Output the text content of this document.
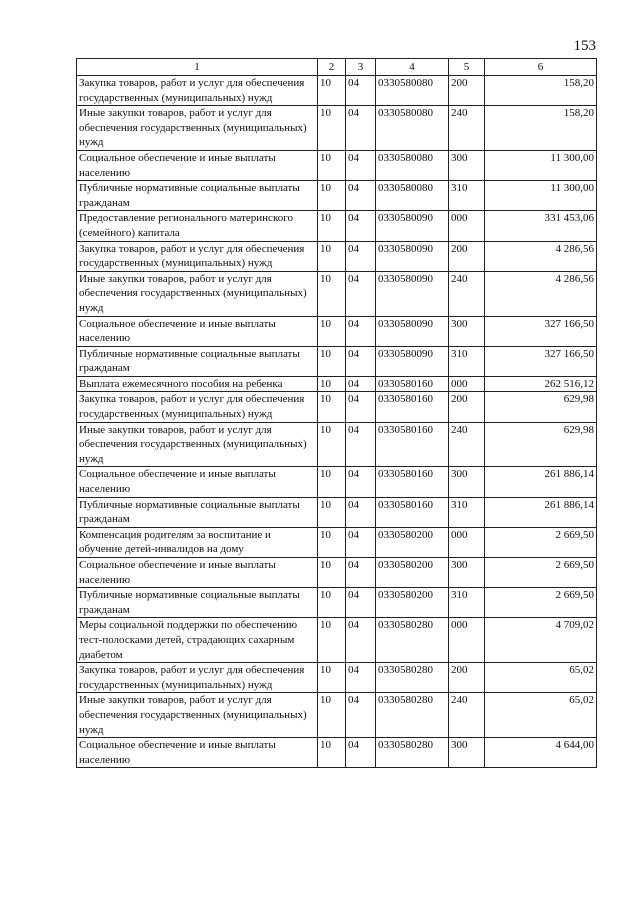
153
1	2	3	4	5	6
Закупка товаров, работ и услуг для обеспечения государственных (муниципальных) нужд	10	04	0330580080	200	158,20
Иные закупки товаров, работ и услуг для обеспечения государственных (муниципальных) нужд	10	04	0330580080	240	158,20
Социальное обеспечение и иные выплаты населению	10	04	0330580080	300	11 300,00
Публичные нормативные социальные выплаты гражданам	10	04	0330580080	310	11 300,00
Предоставление регионального материнского (семейного) капитала	10	04	0330580090	000	331 453,06
Закупка товаров, работ и услуг для обеспечения государственных (муниципальных) нужд	10	04	0330580090	200	4 286,56
Иные закупки товаров, работ и услуг для обеспечения государственных (муниципальных) нужд	10	04	0330580090	240	4 286,56
Социальное обеспечение и иные выплаты населению	10	04	0330580090	300	327 166,50
Публичные нормативные социальные выплаты гражданам	10	04	0330580090	310	327 166,50
Выплата ежемесячного пособия на ребенка	10	04	0330580160	000	262 516,12
Закупка товаров, работ и услуг для обеспечения государственных (муниципальных) нужд	10	04	0330580160	200	629,98
Иные закупки товаров, работ и услуг для обеспечения государственных (муниципальных) нужд	10	04	0330580160	240	629,98
Социальное обеспечение и иные выплаты населению	10	04	0330580160	300	261 886,14
Публичные нормативные социальные выплаты гражданам	10	04	0330580160	310	261 886,14
Компенсация родителям за воспитание и обучение детей-инвалидов на дому	10	04	0330580200	000	2 669,50
Социальное обеспечение и иные выплаты населению	10	04	0330580200	300	2 669,50
Публичные нормативные социальные выплаты гражданам	10	04	0330580200	310	2 669,50
Меры социальной поддержки по обеспечению тест-полосками детей, страдающих сахарным диабетом	10	04	0330580280	000	4 709,02
Закупка товаров, работ и услуг для обеспечения государственных (муниципальных) нужд	10	04	0330580280	200	65,02
Иные закупки товаров, работ и услуг для обеспечения государственных (муниципальных) нужд	10	04	0330580280	240	65,02
Социальное обеспечение и иные выплаты населению	10	04	0330580280	300	4 644,00
